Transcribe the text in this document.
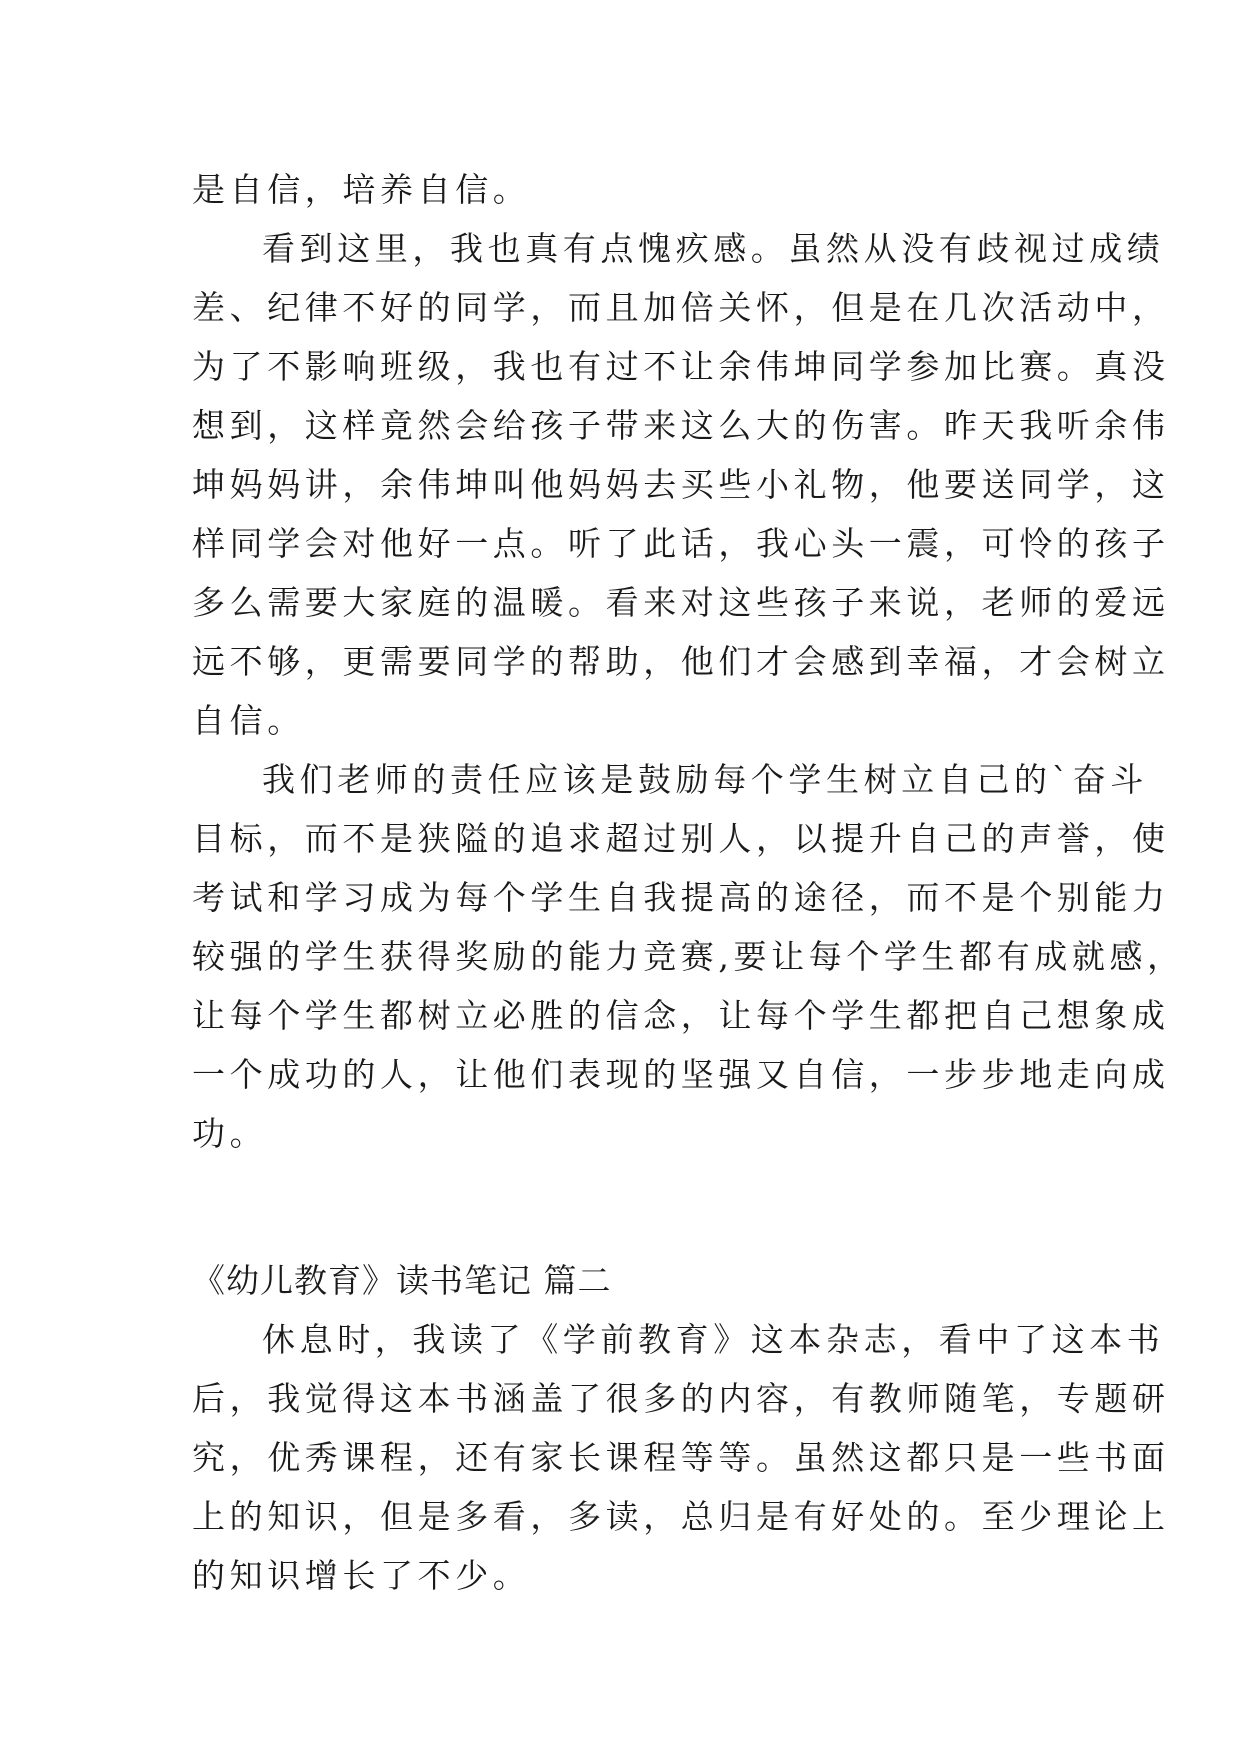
是自信，培养自信。
看到这里，我也真有点愧疚感。虽然从没有歧视过成绩
差、纪律不好的同学，而且加倍关怀，但是在几次活动中，
为了不影响班级，我也有过不让余伟坤同学参加比赛。真没
想到，这样竟然会给孩子带来这么大的伤害。昨天我听余伟
坤妈妈讲，余伟坤叫他妈妈去买些小礼物，他要送同学，这
样同学会对他好一点。听了此话，我心头一震，可怜的孩子
多么需要大家庭的温暖。看来对这些孩子来说，老师的爱远
远不够，更需要同学的帮助，他们才会感到幸福，才会树立
自信。
我们老师的责任应该是鼓励每个学生树立自己的`奋斗
目标，而不是狭隘的追求超过别人，以提升自己的声誉，使
考试和学习成为每个学生自我提高的途径，而不是个别能力
较强的学生获得奖励的能力竞赛,要让每个学生都有成就感，
让每个学生都树立必胜的信念，让每个学生都把自己想象成
一个成功的人，让他们表现的坚强又自信，一步步地走向成
功。
《幼儿教育》读书笔记 篇二
休息时，我读了《学前教育》这本杂志，看中了这本书
后，我觉得这本书涵盖了很多的内容，有教师随笔，专题研
究，优秀课程，还有家长课程等等。虽然这都只是一些书面
上的知识，但是多看，多读，总归是有好处的。至少理论上
的知识增长了不少。
